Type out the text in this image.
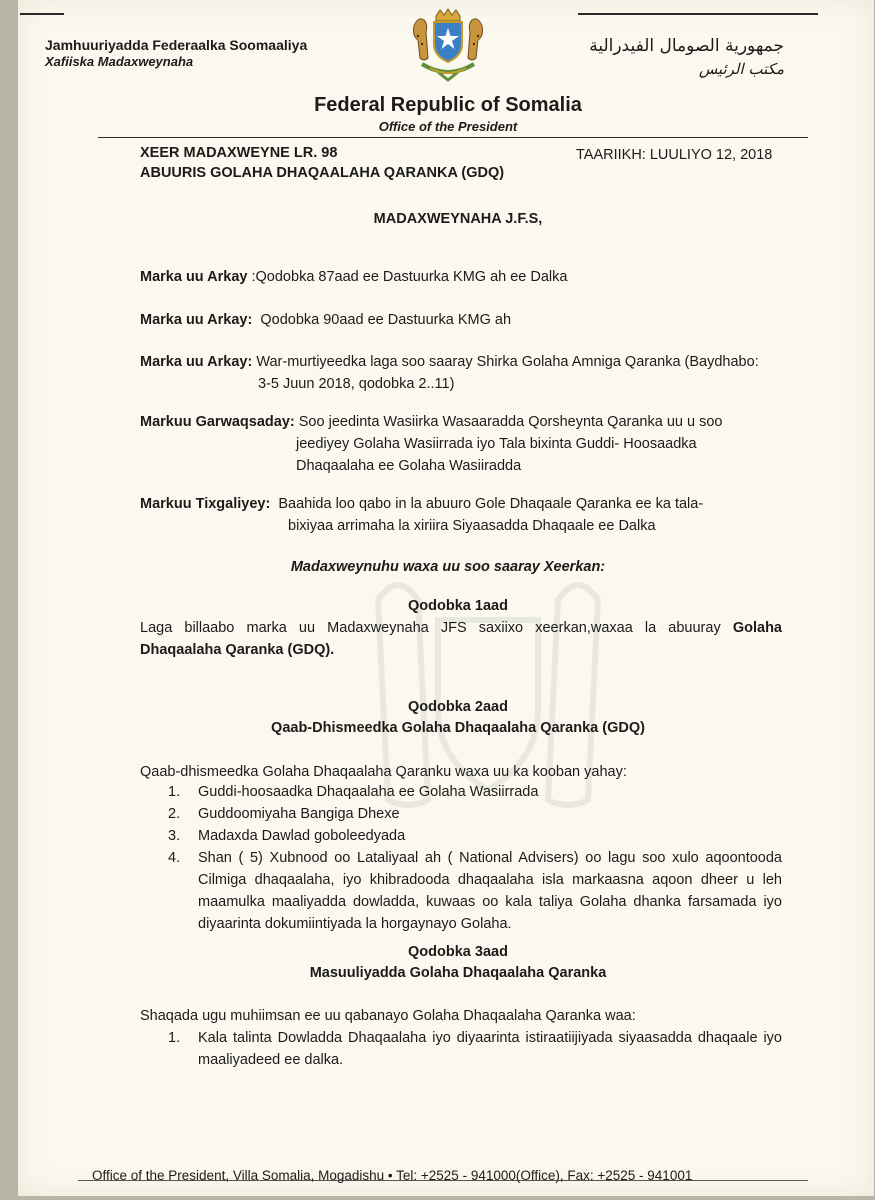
Jamhuuriyadda Federaalka Soomaaliya
Xafiiska Madaxweynaha
جمهورية الصومال الفيدرالية
مكتب الرئيس
Federal Republic of Somalia
Office of the President
XEER MADAXWEYNE LR. 98
ABUURIS GOLAHA DHAQAALAHA QARANKA (GDQ)
TAARIIKH: LUULIYO 12, 2018
MADAXWEYNAHA J.F.S,
Marka uu Arkay :Qodobka 87aad ee Dastuurka KMG ah ee Dalka
Marka uu Arkay: Qodobka 90aad ee Dastuurka KMG ah
Marka uu Arkay: War-murtiyeedka laga soo saaray Shirka Golaha Amniga Qaranka (Baydhabo:
3-5 Juun 2018, qodobka 2..11)
Markuu Garwaqsaday: Soo jeedinta Wasiirka Wasaaradda Qorsheynta Qaranka uu u soo
jeediyey Golaha Wasiirrada iyo Tala bixinta Guddi- Hoosaadka
Dhaqaalaha ee Golaha Wasiiradda
Markuu Tixgaliyey: Baahida loo qabo in la abuuro Gole Dhaqaale Qaranka ee ka tala-
bixiyaa arrimaha la xiriira Siyaasadda Dhaqaale ee Dalka
Madaxweynuhu waxa uu soo saaray Xeerkan:
Qodobka 1aad
Laga billaabo marka uu Madaxweynaha JFS saxiixo xeerkan,waxaa la abuuray Golaha Dhaqaalaha Qaranka (GDQ).
Qodobka 2aad
Qaab-Dhismeedka Golaha Dhaqaalaha Qaranka (GDQ)
Qaab-dhismeedka Golaha Dhaqaalaha Qaranku waxa uu ka kooban yahay:
1. Guddi-hoosaadka Dhaqaalaha ee Golaha Wasiirrada
2. Guddoomiyaha Bangiga Dhexe
3. Madaxda Dawlad goboleedyada
4. Shan ( 5) Xubnood oo Lataliyaal ah ( National Advisers) oo lagu soo xulo aqoontooda Cilmiga dhaqaalaha, iyo khibradooda dhaqaalaha isla markaasna aqoon dheer u leh maamulka maaliyadda dowladda, kuwaas oo kala taliya Golaha dhanka farsamada iyo diyaarinta dokumiintiyada la horgaynayo Golaha.
Qodobka 3aad
Masuuliyadda Golaha Dhaqaalaha Qaranka
Shaqada ugu muhiimsan ee uu qabanayo Golaha Dhaqaalaha Qaranka waa:
1. Kala talinta Dowladda Dhaqaalaha iyo diyaarinta istiraatiijiyada siyaasadda dhaqaale iyo maaliyadeed ee dalka.
Office of the President, Villa Somalia, Mogadishu • Tel: +2525 - 941000(Office), Fax: +2525 - 941001
